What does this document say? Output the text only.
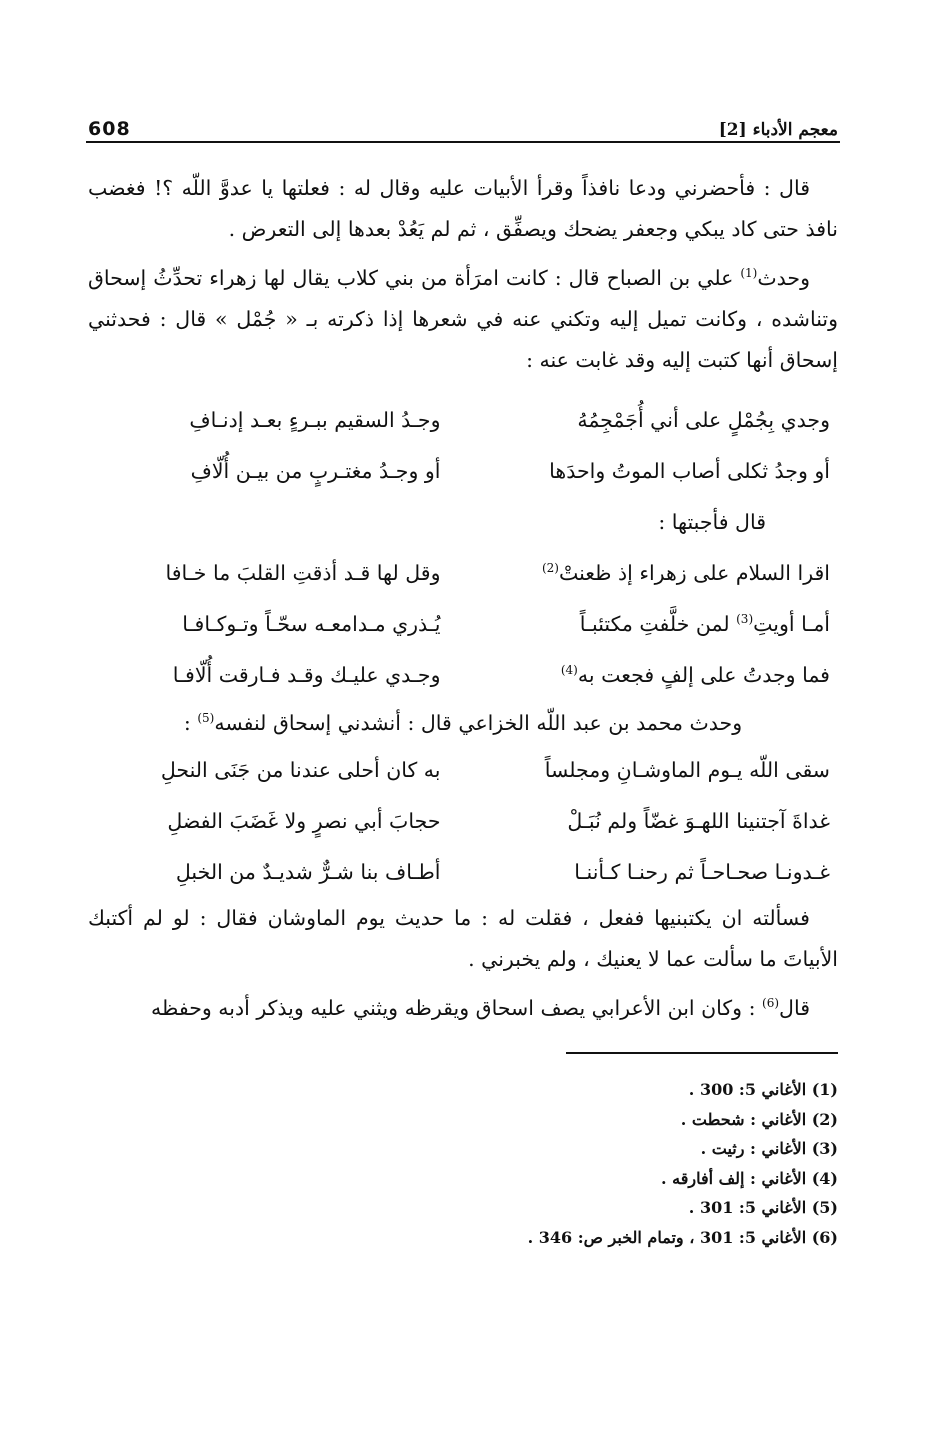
معجم الأدباء [2]
608

قال : فأحضرني ودعا نافذاً وقرأ الأبيات عليه وقال له : فعلتها يا عدوَّ اللّه ؟! فغضب نافذ حتى كاد يبكي وجعفر يضحك ويصفِّق ، ثم لم يَعُدْ بعدها إلى التعرض .

وحدث$^{(1)}$ علي بن الصباح قال : كانت امرَأة من بني كلاب يقال لها زهراء تحدِّثُ إسحاق وتناشده ، وكانت تميل إليه وتكني عنه في شعرها إذا ذكرته بـ « جُمْل » قال : فحدثني إسحاق أنها كتبت إليه وقد غابت عنه :

وجدي بِجُمْلٍ على أني أُجَمْجِمُهُ
وجـدُ السقيم ببـرءٍ بعـد إدنـافِ
أو وجدُ ثكلى أصاب الموتُ واحدَها
أو وجـدُ مغتـربٍ من بيـن أُلّافِ
قال فأجبتها :
اقرا السلام على زهراء إذ ظعنتْ$^{(2)}$
وقل لها قـد أذقتِ القلبَ ما خـافا
أمـا أويتِ$^{(3)}$ لمن خلَّفتِ مكتئبـاً
يُـذري مـدامعـه سحّـاً وتـوكـافـا
فما وجدتُ على إلفٍ فجعت به$^{(4)}$
وجـدي عليـك وقـد فـارقت أُلّافـا
وحدث محمد بن عبد اللّه الخزاعي قال : أنشدني إسحاق لنفسه$^{(5)}$ :
سقى اللّه يـوم الماوشـانِ ومجلساً
به كان أحلى عندنا من جَنَى النحلِ
غداةَ آجتنينا اللهـوَ غضّاً ولم نُبَـلْ
حجابَ أبي نصرٍ ولا غَضَبَ الفضلِ
غـدونـا صحـاحـاً ثم رحنـا كـأننـا
أطـاف بنا شـرٌّ شديـدٌ من الخبلِ

فسألته ان يكتبنيها ففعل ، فقلت له : ما حديث يوم الماوشان فقال : لو لم أكتبك الأبياتَ ما سألت عما لا يعنيك ، ولم يخبرني .

قال$^{(6)}$ : وكان ابن الأعرابي يصف اسحاق ويقرظه ويثني عليه ويذكر أدبه وحفظه

(1) الأغاني 5: 300 .
(2) الأغاني : شحطت .
(3) الأغاني : رثيت .
(4) الأغاني : إلف أفارقه .
(5) الأغاني 5: 301 .
(6) الأغاني 5: 301 ، وتمام الخبر ص: 346 .
